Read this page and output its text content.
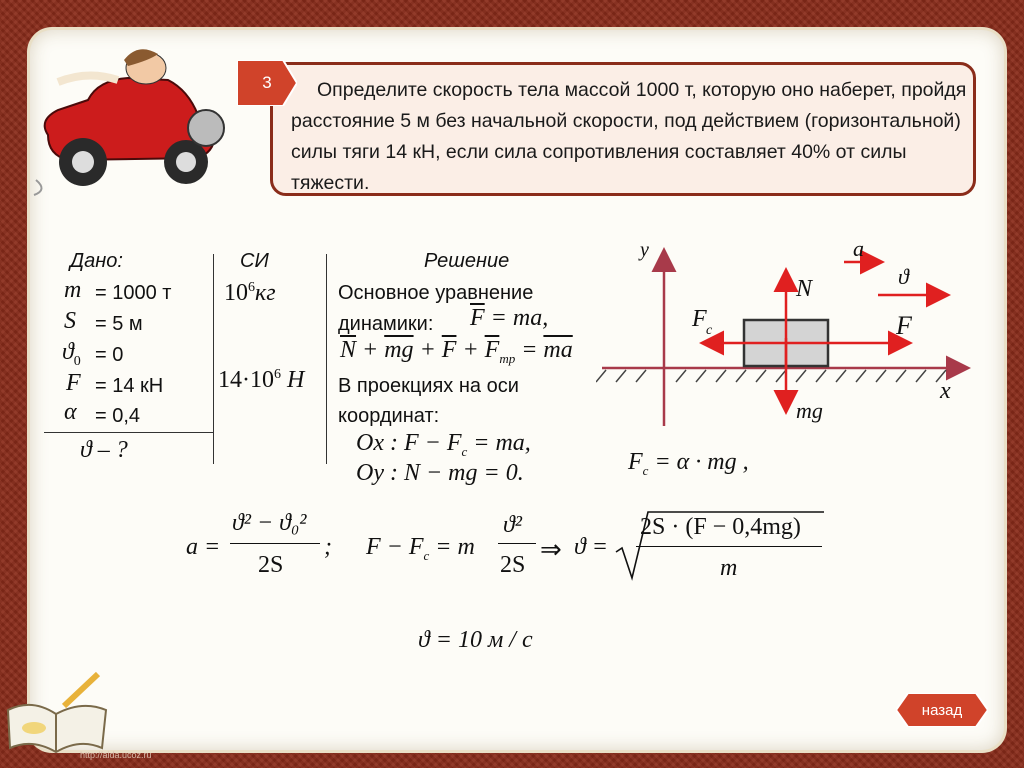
Определите скорость тела массой 1000 т, которую оно наберет, пройдя расстояние 5 м без начальной скорости, под действием (горизонтальной) силы тяги 14 кН, если сила сопротивления составляет 40% от силы тяжести.
3
Дано:
m = 1000 т
S = 5 м
$ϑ_0 = 0$
F = 14 кН
α = 0,4
ϑ – ?
СИ
$10^6кг$
$14\cdot 10^6$ Н
Решение
Основное уравнение
динамики: $\overline{F}$ = ma,
$\overline{N} + \overline{mg} + \overline{F} + \overline{F}_{тр} = \overline{ma}$
В проекциях на оси
координат:
Ox : $F - F_c$ = ma,
Oy : N − mg = 0.
y
x
a
ϑ
N
F c	F
mg
$F_c = \alpha$ · mg ,
a =
ϑ² − ϑ₀²
2S
; $F - F_c = m$
ϑ²
2S
⇒ ϑ =
2S · (F − 0,4mg)
m
ϑ = 10 м / с
назад
http://aida.ucoz.ru
